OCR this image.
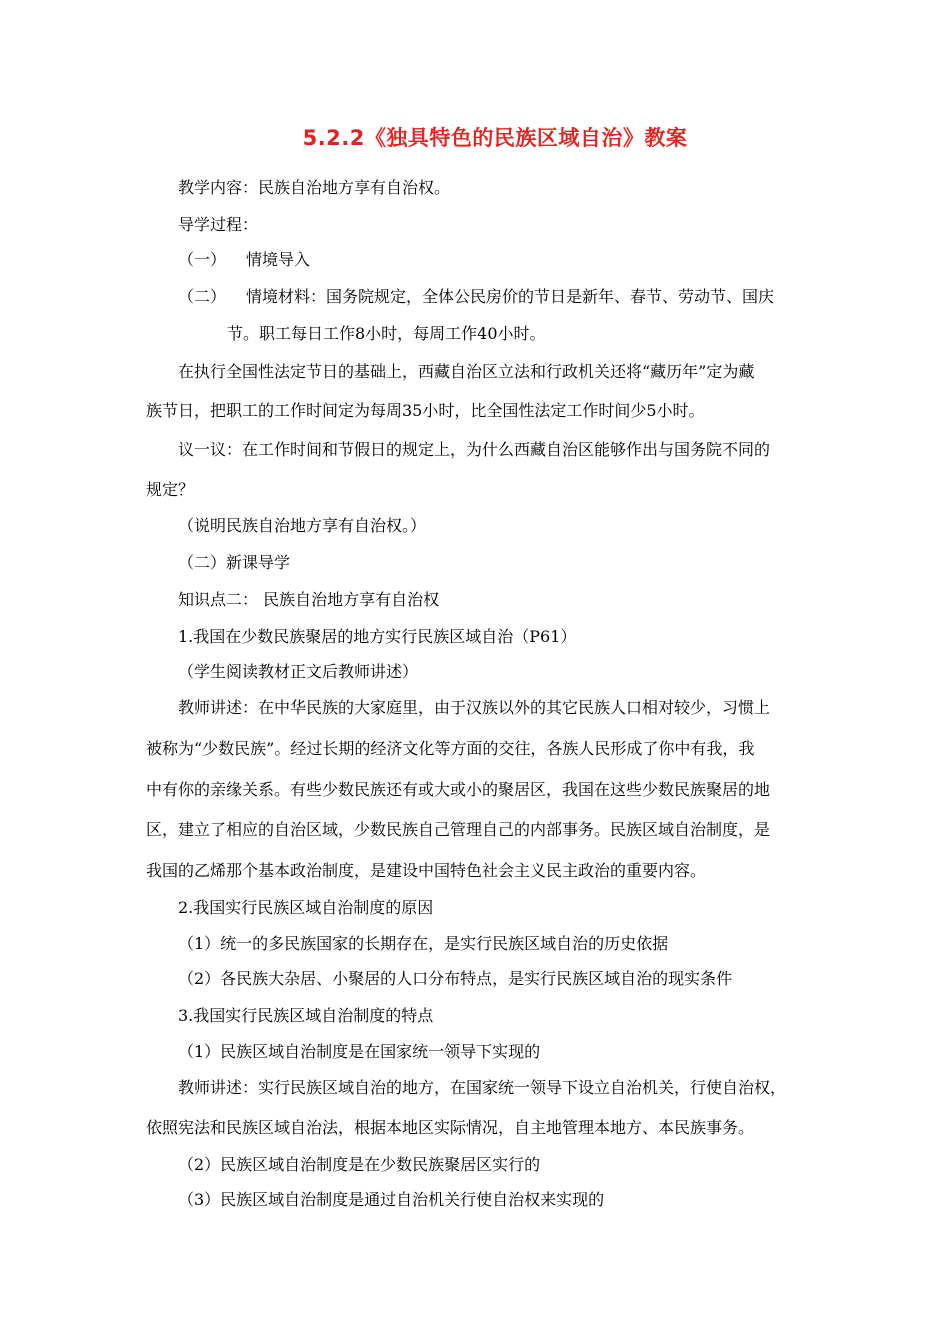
5.2.2《独具特色的民族区域自治》教案
教学内容：民族自治地方享有自治权。
导学过程：
（一） 情境导入
（二） 情境材料：国务院规定，全体公民房价的节日是新年、春节、劳动节、国庆
节。职工每日工作8小时，每周工作40小时。
在执行全国性法定节日的基础上，西藏自治区立法和行政机关还将“藏历年”定为藏
族节日，把职工的工作时间定为每周35小时，比全国性法定工作时间少5小时。
议一议：在工作时间和节假日的规定上，为什么西藏自治区能够作出与国务院不同的
规定？
（说明民族自治地方享有自治权。）
（二）新课导学
知识点二： 民族自治地方享有自治权
1.我国在少数民族聚居的地方实行民族区域自治（P61）
（学生阅读教材正文后教师讲述）
教师讲述：在中华民族的大家庭里，由于汉族以外的其它民族人口相对较少，习惯上
被称为“少数民族”。经过长期的经济文化等方面的交往，各族人民形成了你中有我，我
中有你的亲缘关系。有些少数民族还有或大或小的聚居区，我国在这些少数民族聚居的地
区，建立了相应的自治区域，少数民族自己管理自己的内部事务。民族区域自治制度，是
我国的乙烯那个基本政治制度，是建设中国特色社会主义民主政治的重要内容。
2.我国实行民族区域自治制度的原因
（1）统一的多民族国家的长期存在，是实行民族区域自治的历史依据
（2）各民族大杂居、小聚居的人口分布特点，是实行民族区域自治的现实条件
3.我国实行民族区域自治制度的特点
（1）民族区域自治制度是在国家统一领导下实现的
教师讲述：实行民族区域自治的地方，在国家统一领导下设立自治机关，行使自治权，
依照宪法和民族区域自治法，根据本地区实际情况，自主地管理本地方、本民族事务。
（2）民族区域自治制度是在少数民族聚居区实行的
（3）民族区域自治制度是通过自治机关行使自治权来实现的
